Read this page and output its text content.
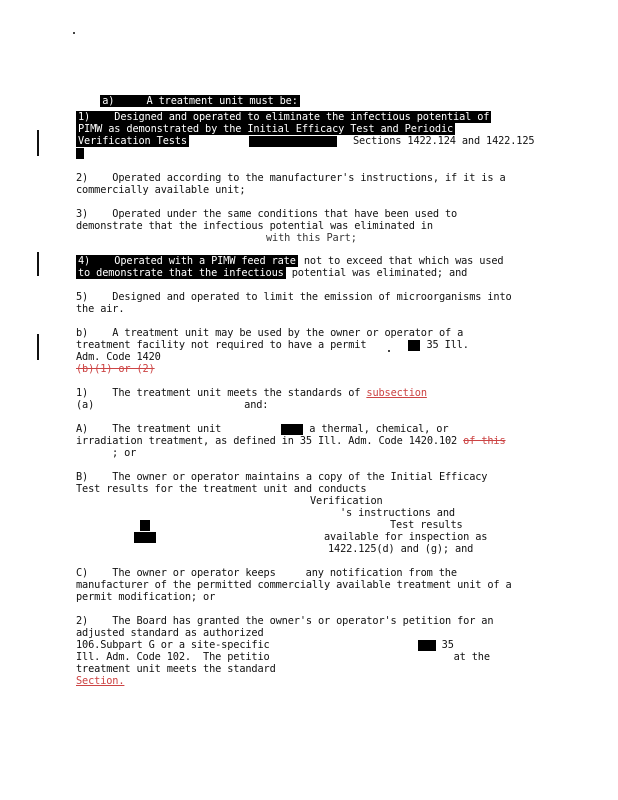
a)	A treatment unit must be:

1)    Designed and operated to eliminate the infectious potential of
PIMW as demonstrated by the Initial Efficacy Test and Periodic
Verification Tests	Sections 1422.124 and 1422.125
2)    Operated according to the manufacturer's instructions, if it is a
commercially available unit;
3)    Operated under the same conditions that have been used to
demonstrate that the infectious potential was eliminated in
with this Part;
4)    Operated with a PIMW feed rate not to exceed that which was used
to demonstrate that the infectious potential was eliminated; and
5)    Designed and operated to limit the emission of microorganisms into
the air.
b)    A treatment unit may be used by the owner or operator of a
treatment facility not required to have a permit	35 Ill.
Adm. Code 1420
(b)(1) or (2)
1)    The treatment unit meets the standards of subsection
(a)	and:
A)    The treatment unit	a thermal, chemical, or
irradiation treatment, as defined in 35 Ill. Adm. Code 1420.102 of this
; or
B)    The owner or operator maintains a copy of the Initial Efficacy
Test results for the treatment unit and conducts
Verification
's instructions and
Test results
available for inspection as
1422.125(d) and (g); and
C)    The owner or operator keeps	any notification from the
manufacturer of the permitted commercially available treatment unit of a
permit modification; or
2)    The Board has granted the owner's or operator's petition for an
adjusted standard as authorized
106.Subpart G or a site-specific	35
Ill. Adm. Code 102.  The petitio	at the
treatment unit meets the standard
Section.
